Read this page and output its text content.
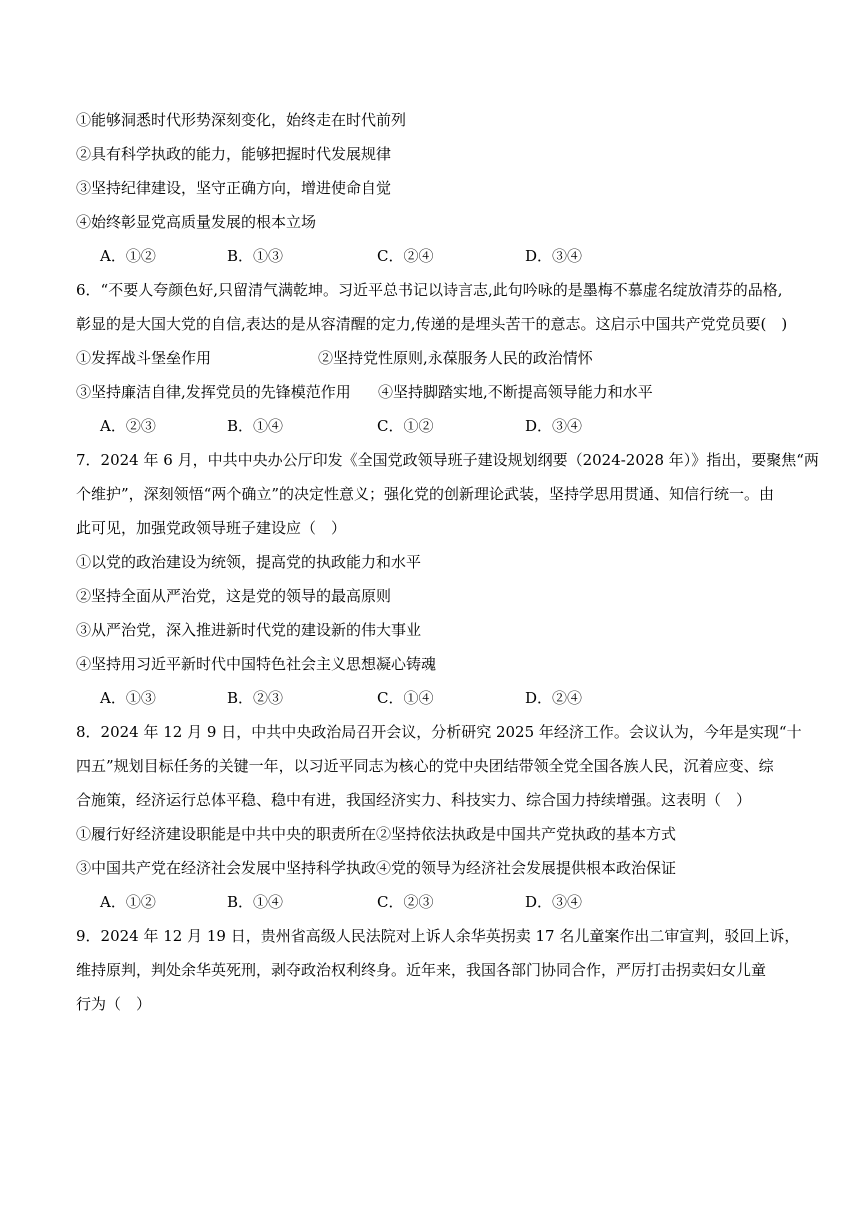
①能够洞悉时代形势深刻变化，始终走在时代前列
②具有科学执政的能力，能够把握时代发展规律
③坚持纪律建设，坚守正确方向，增进使命自觉
④始终彰显党高质量发展的根本立场
A．①②	B．①③	C．②④	D．③④
6．“不要人夸颜色好,只留清气满乾坤。习近平总书记以诗言志,此句吟咏的是墨梅不慕虚名绽放清芬的品格,
彰显的是大国大党的自信,表达的是从容清醒的定力,传递的是埋头苦干的意志。这启示中国共产党党员要(　)
①发挥战斗堡垒作用	②坚持党性原则,永葆服务人民的政治情怀
③坚持廉洁自律,发挥党员的先锋模范作用 ④坚持脚踏实地,不断提高领导能力和水平
A．②③	B．①④	C．①②	D．③④
7．2024 年 6 月，中共中央办公厅印发《全国党政领导班子建设规划纲要（2024-2028 年）》指出，要聚焦“两
个维护”，深刻领悟“两个确立”的决定性意义；强化党的创新理论武装，坚持学思用贯通、知信行统一。由
此可见，加强党政领导班子建设应（　）
①以党的政治建设为统领，提高党的执政能力和水平
②坚持全面从严治党，这是党的领导的最高原则
③从严治党，深入推进新时代党的建设新的伟大事业
④坚持用习近平新时代中国特色社会主义思想凝心铸魂
A．①③	B．②③	C．①④	D．②④
8．2024 年 12 月 9 日，中共中央政治局召开会议，分析研究 2025 年经济工作。会议认为，今年是实现“十
四五”规划目标任务的关键一年，以习近平同志为核心的党中央团结带领全党全国各族人民，沉着应变、综
合施策，经济运行总体平稳、稳中有进，我国经济实力、科技实力、综合国力持续增强。这表明（　）
①履行好经济建设职能是中共中央的职责所在②坚持依法执政是中国共产党执政的基本方式
③中国共产党在经济社会发展中坚持科学执政④党的领导为经济社会发展提供根本政治保证
A．①②	B．①④	C．②③	D．③④
9．2024 年 12 月 19 日，贵州省高级人民法院对上诉人余华英拐卖 17 名儿童案作出二审宣判，驳回上诉，
维持原判，判处余华英死刑，剥夺政治权利终身。近年来，我国各部门协同合作，严厉打击拐卖妇女儿童
行为（　）
